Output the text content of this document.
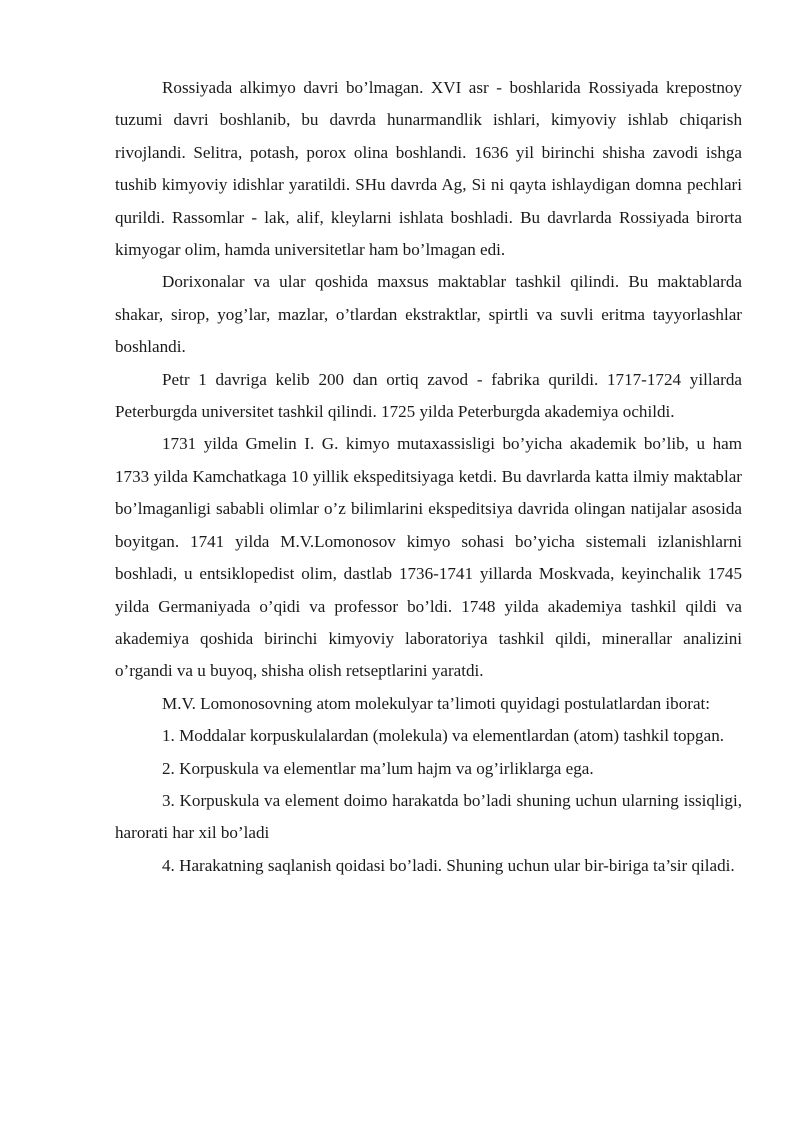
Rossiyada alkimyo davri bo’lmagan. XVI asr - boshlarida Rossiyada krepostnoy tuzumi davri boshlanib, bu davrda hunarmandlik ishlari, kimyoviy ishlab chiqarish rivojlandi. Selitra, potash, porox olina boshlandi. 1636 yil birinchi shisha zavodi ishga tushib kimyoviy idishlar yaratildi. SHu davrda Ag, Si ni qayta ishlaydigan domna pechlari qurildi. Rassomlar - lak, alif, kleylarni ishlata boshladi. Bu davrlarda Rossiyada birorta kimyogar olim, hamda universitetlar ham bo’lmagan edi.

Dorixonalar va ular qoshida maxsus maktablar tashkil qilindi. Bu maktablarda shakar, sirop, yog’lar, mazlar, o’tlardan ekstraktlar, spirtli va suvli eritma tayyorlashlar boshlandi.

Petr 1 davriga kelib 200 dan ortiq zavod - fabrika qurildi. 1717-1724 yillarda Peterburgda universitet tashkil qilindi. 1725 yilda Peterburgda akademiya ochildi.

1731 yilda Gmelin I. G. kimyo mutaxassisligi bo’yicha akademik bo’lib, u ham 1733 yilda Kamchatkaga 10 yillik ekspeditsiyaga ketdi. Bu davrlarda katta ilmiy maktablar bo’lmaganligi sababli olimlar o’z bilimlarini ekspeditsiya davrida olingan natijalar asosida boyitgan. 1741 yilda M.V.Lomonosov kimyo sohasi bo’yicha sistemali izlanishlarni boshladi, u entsiklopedist olim, dastlab 1736-1741 yillarda Moskvada, keyinchalik 1745 yilda Germaniyada o’qidi va professor bo’ldi. 1748 yilda akademiya tashkil qildi va akademiya qoshida birinchi kimyoviy laboratoriya tashkil qildi, minerallar analizini o’rgandi va u buyoq, shisha olish retseptlarini yaratdi.

M.V. Lomonosovning atom molekulyar ta’limoti quyidagi postulatlardan iborat:

1. Moddalar korpuskulalardan (molekula) va elementlardan (atom) tashkil topgan.

2. Korpuskula va elementlar ma’lum hajm va og’irliklarga ega.

3. Korpuskula va element doimo harakatda bo’ladi shuning uchun ularning issiqligi, harorati har xil bo’ladi

4. Harakatning saqlanish qoidasi bo’ladi. Shuning uchun ular bir-biriga ta’sir qiladi.
